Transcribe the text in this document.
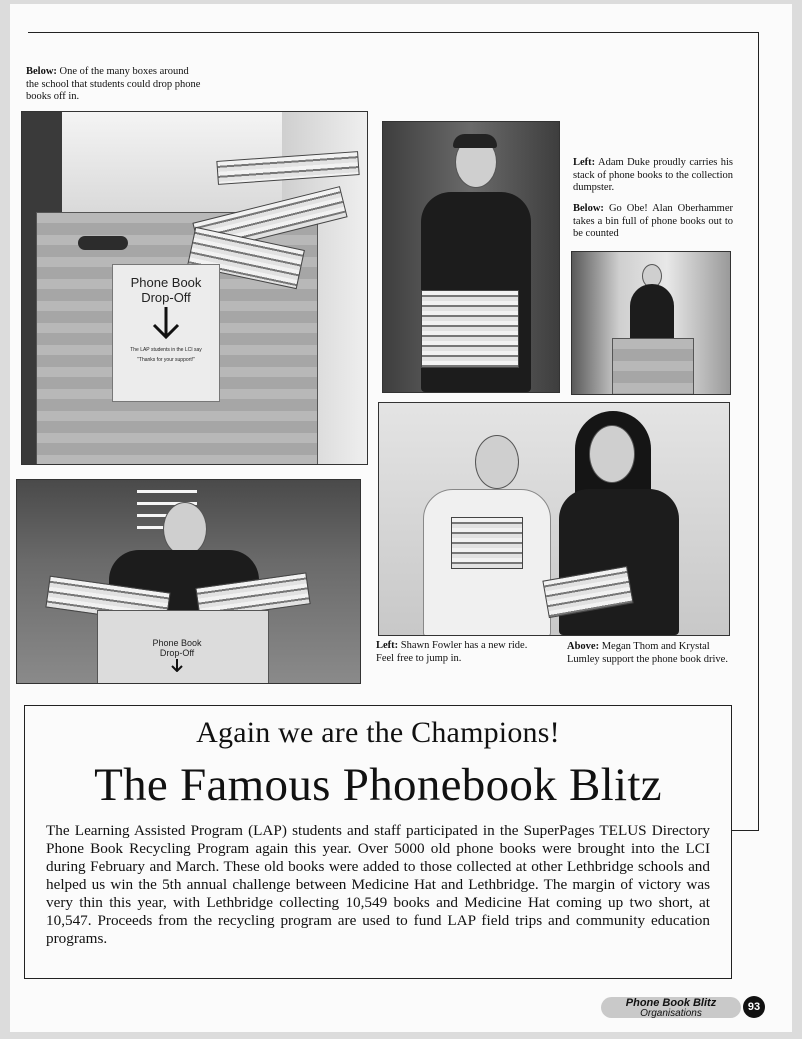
Below: One of the many boxes around the school that students could drop phone books off in.
Phone Book
Drop-Off
The LAP students in the LCI say
"Thanks for your support!"
Left: Adam Duke proudly carries his stack of phone books to the collection dumpster.
Below: Go Obe! Alan Oberhammer takes a bin full of phone books out to be counted
Phone Book
Drop-Off
Left: Shawn Fowler has a new ride. Feel free to jump in.
Above: Megan Thom and Krystal Lumley support the phone book drive.
Again we are the Champions!
The Famous Phonebook Blitz
The Learning Assisted Program (LAP) students and staff participated in the SuperPages TELUS Directory Phone Book Recycling Program again this year. Over 5000 old phone books were brought into the LCI during February and March. These old books were added to those collected at other Lethbridge schools and helped us win the 5th annual challenge between Medicine Hat and Lethbridge. The margin of victory was very thin this year, with Lethbridge collecting 10,549 books and Medicine Hat coming up two short, at 10,547. Proceeds from the recycling program are used to fund LAP field trips and community education programs.
Phone Book Blitz
Organisations
93
